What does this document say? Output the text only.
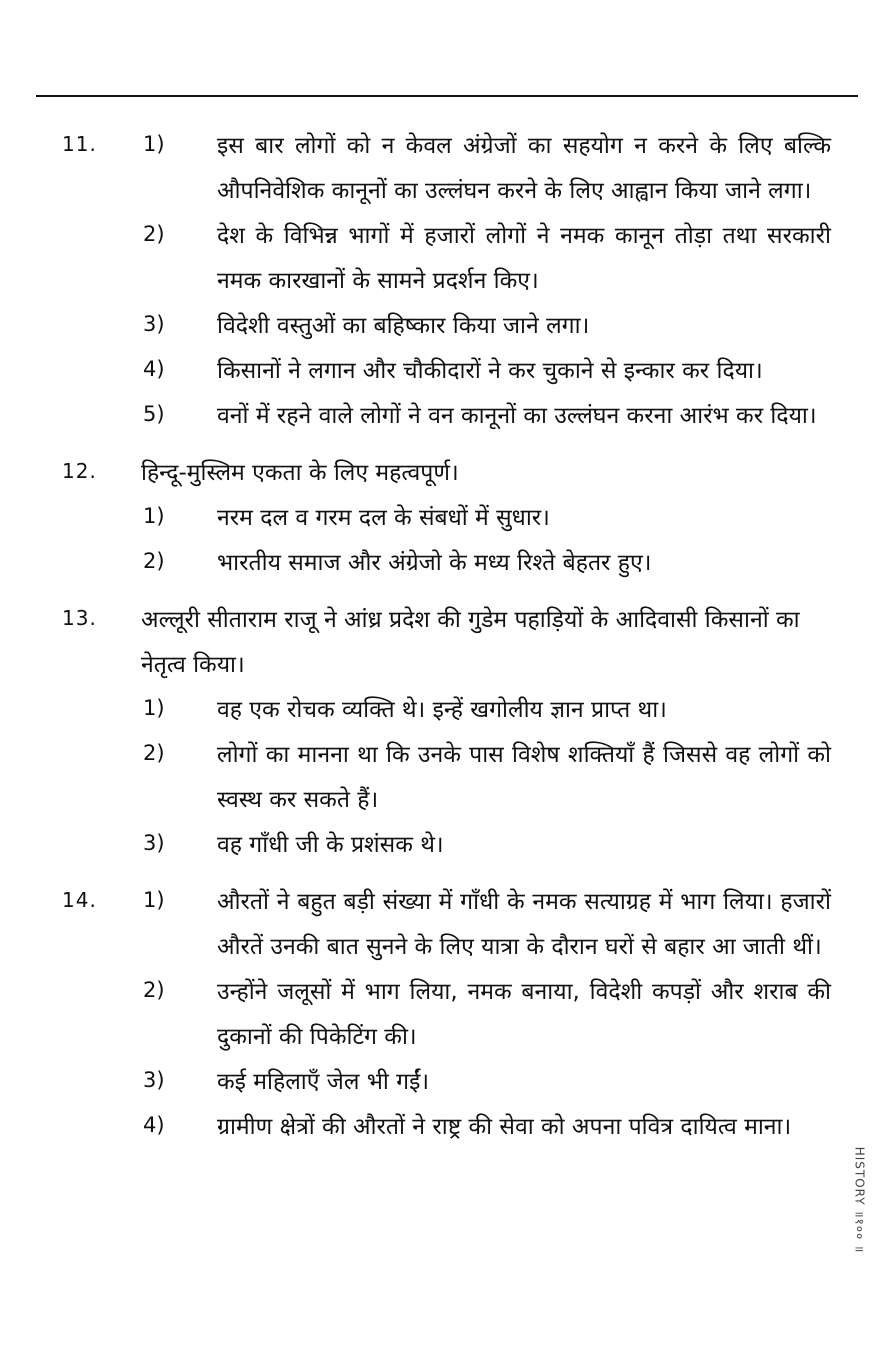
11. 1) इस बार लोगों को न केवल अंग्रेजों का सहयोग न करने के लिए बल्कि औपनिवेशिक कानूनों का उल्लंघन करने के लिए आह्वान किया जाने लगा।
2) देश के विभिन्न भागों में हजारों लोगों ने नमक कानून तोड़ा तथा सरकारी नमक कारखानों के सामने प्रदर्शन किए।
3) विदेशी वस्तुओं का बहिष्कार किया जाने लगा।
4) किसानों ने लगान और चौकीदारों ने कर चुकाने से इन्कार कर दिया।
5) वनों में रहने वाले लोगों ने वन कानूनों का उल्लंघन करना आरंभ कर दिया।
12. हिन्दू-मुस्लिम एकता के लिए महत्वपूर्ण।
1) नरम दल व गरम दल के संबधों में सुधार।
2) भारतीय समाज और अंग्रेजो के मध्य रिश्ते बेहतर हुए।
13. अल्लूरी सीताराम राजू ने आंध्र प्रदेश की गुडेम पहाड़ियों के आदिवासी किसानों का नेतृत्व किया।
1) वह एक रोचक व्यक्ति थे। इन्हें खगोलीय ज्ञान प्राप्त था।
2) लोगों का मानना था कि उनके पास विशेष शक्तियाँ हैं जिससे वह लोगों को स्वस्थ कर सकते हैं।
3) वह गाँधी जी के प्रशंसक थे।
14. 1) औरतों ने बहुत बड़ी संख्या में गाँधी के नमक सत्याग्रह में भाग लिया। हजारों औरतें उनकी बात सुनने के लिए यात्रा के दौरान घरों से बहार आ जाती थीं।
2) उन्होंने जलूसों में भाग लिया, नमक बनाया, विदेशी कपड़ों और शराब की दुकानों की पिकेटिंग की।
3) कई महिलाएँ जेल भी गईं।
4) ग्रामीण क्षेत्रों की औरतों ने राष्ट्र की सेवा को अपना पवित्र दायित्व माना।
HISTORY ॥१०० ॥
